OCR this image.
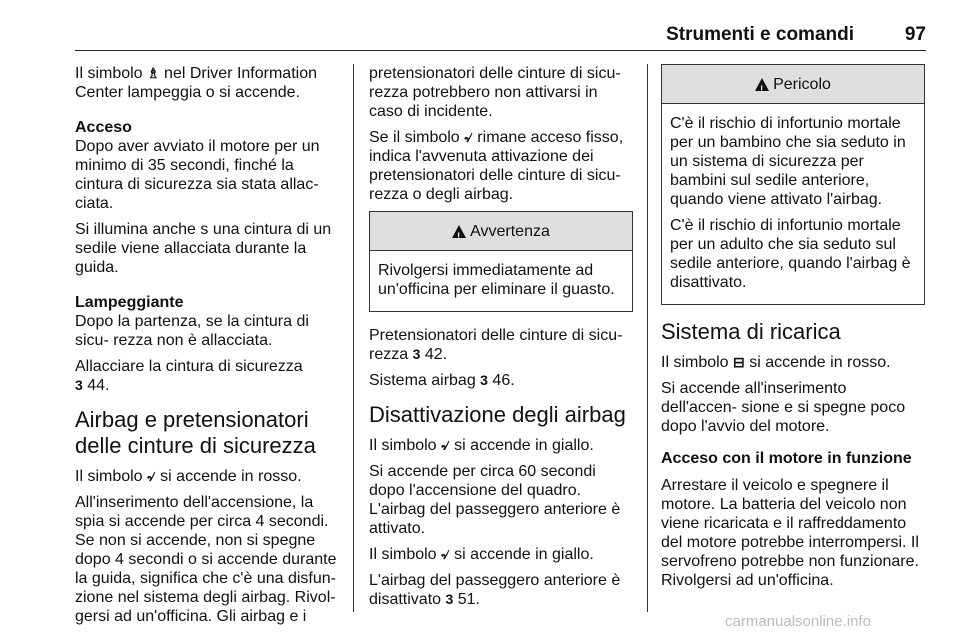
Strumenti e comandi	97

Il simbolo ♗ nel Driver Information Center lampeggia o si accende.

Acceso

Dopo aver avviato il motore per un minimo di 35 secondi, finché la cintura di sicurezza sia stata allac- ciata.

Si illumina anche s una cintura di un sedile viene allacciata durante la guida.

Lampeggiante

Dopo la partenza, se la cintura di sicu- rezza non è allacciata.

Allacciare la cintura di sicurezza
3 44.

Airbag e pretensionatori delle cinture di sicurezza

Il simbolo ৵ si accende in rosso.

All'inserimento dell'accensione, la spia si accende per circa 4 secondi. Se non si accende, non si spegne dopo 4 secondi o si accende durante la guida, significa che c'è una disfun- zione nel sistema degli airbag. Rivol- gersi ad un'officina. Gli airbag e i

pretensionatori delle cinture di sicu- rezza potrebbero non attivarsi in caso di incidente.

Se il simbolo ৵ rimane acceso fisso, indica l'avvenuta attivazione dei pretensionatori delle cinture di sicu- rezza o degli airbag.

!
Avvertenza

Rivolgersi immediatamente ad un'officina per eliminare il guasto.

Pretensionatori delle cinture di sicu- rezza 3 42.

Sistema airbag 3 46.

Disattivazione degli airbag

Il simbolo ৵ si accende in giallo.

Si accende per circa 60 secondi dopo l'accensione del quadro. L'airbag del passeggero anteriore è attivato.

Il simbolo ৵ si accende in giallo.

L'airbag del passeggero anteriore è disattivato 3 51.

!
Pericolo

C'è il rischio di infortunio mortale per un bambino che sia seduto in un sistema di sicurezza per bambini sul sedile anteriore, quando viene attivato l'airbag.

C'è il rischio di infortunio mortale per un adulto che sia seduto sul sedile anteriore, quando l'airbag è disattivato.

Sistema di ricarica

Il simbolo ⊟ si accende in rosso.

Si accende all'inserimento dell'accen- sione e si spegne poco dopo l'avvio del motore.

Acceso con il motore in funzione

Arrestare il veicolo e spegnere il motore. La batteria del veicolo non viene ricaricata e il raffreddamento del motore potrebbe interrompersi. Il servofreno potrebbe non funzionare. Rivolgersi ad un'officina.

carmanualsonline.info
